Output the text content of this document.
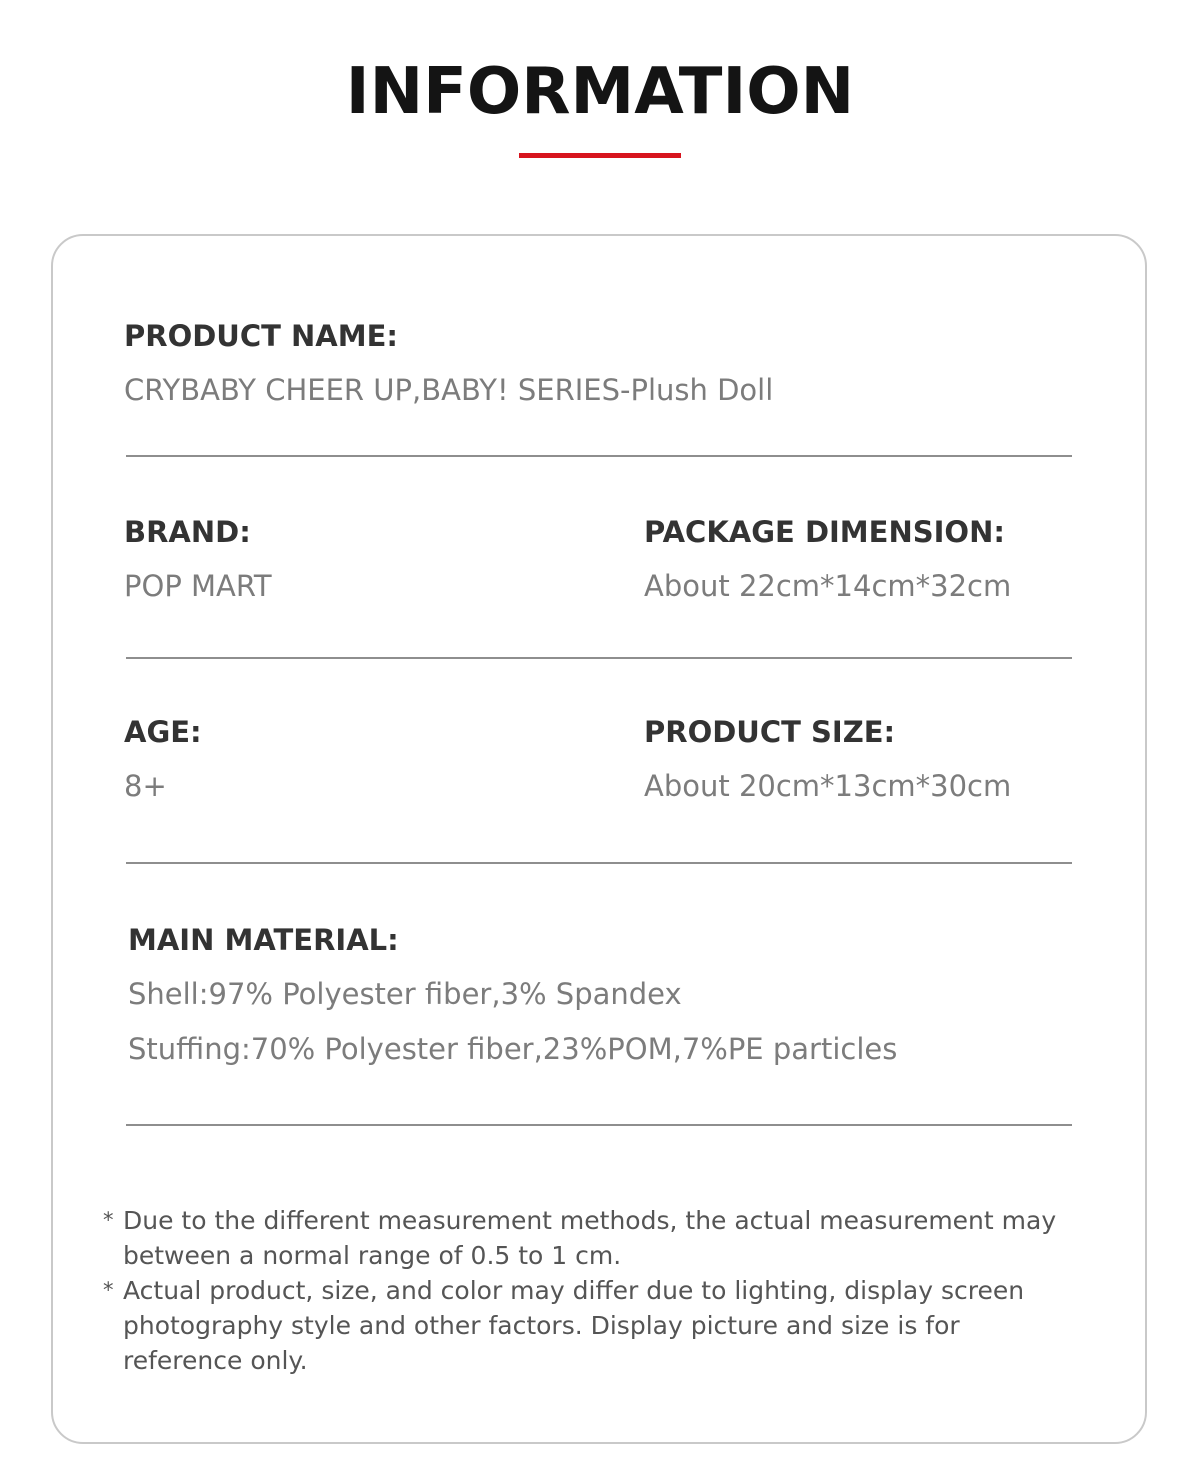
INFORMATION
PRODUCT NAME:
CRYBABY CHEER UP,BABY! SERIES-Plush Doll
BRAND:
POP MART
PACKAGE DIMENSION:
About 22cm*14cm*32cm
AGE:
8+
PRODUCT SIZE:
About 20cm*13cm*30cm
MAIN MATERIAL:
Shell:97% Polyester fiber,3% Spandex
Stuffing:70% Polyester fiber,23%POM,7%PE particles
* Due to the different measurement methods, the actual measurement may between a normal range of 0.5 to 1 cm.
* Actual product, size, and color may differ due to lighting, display screen photography style and other factors. Display picture and size is for reference only.
